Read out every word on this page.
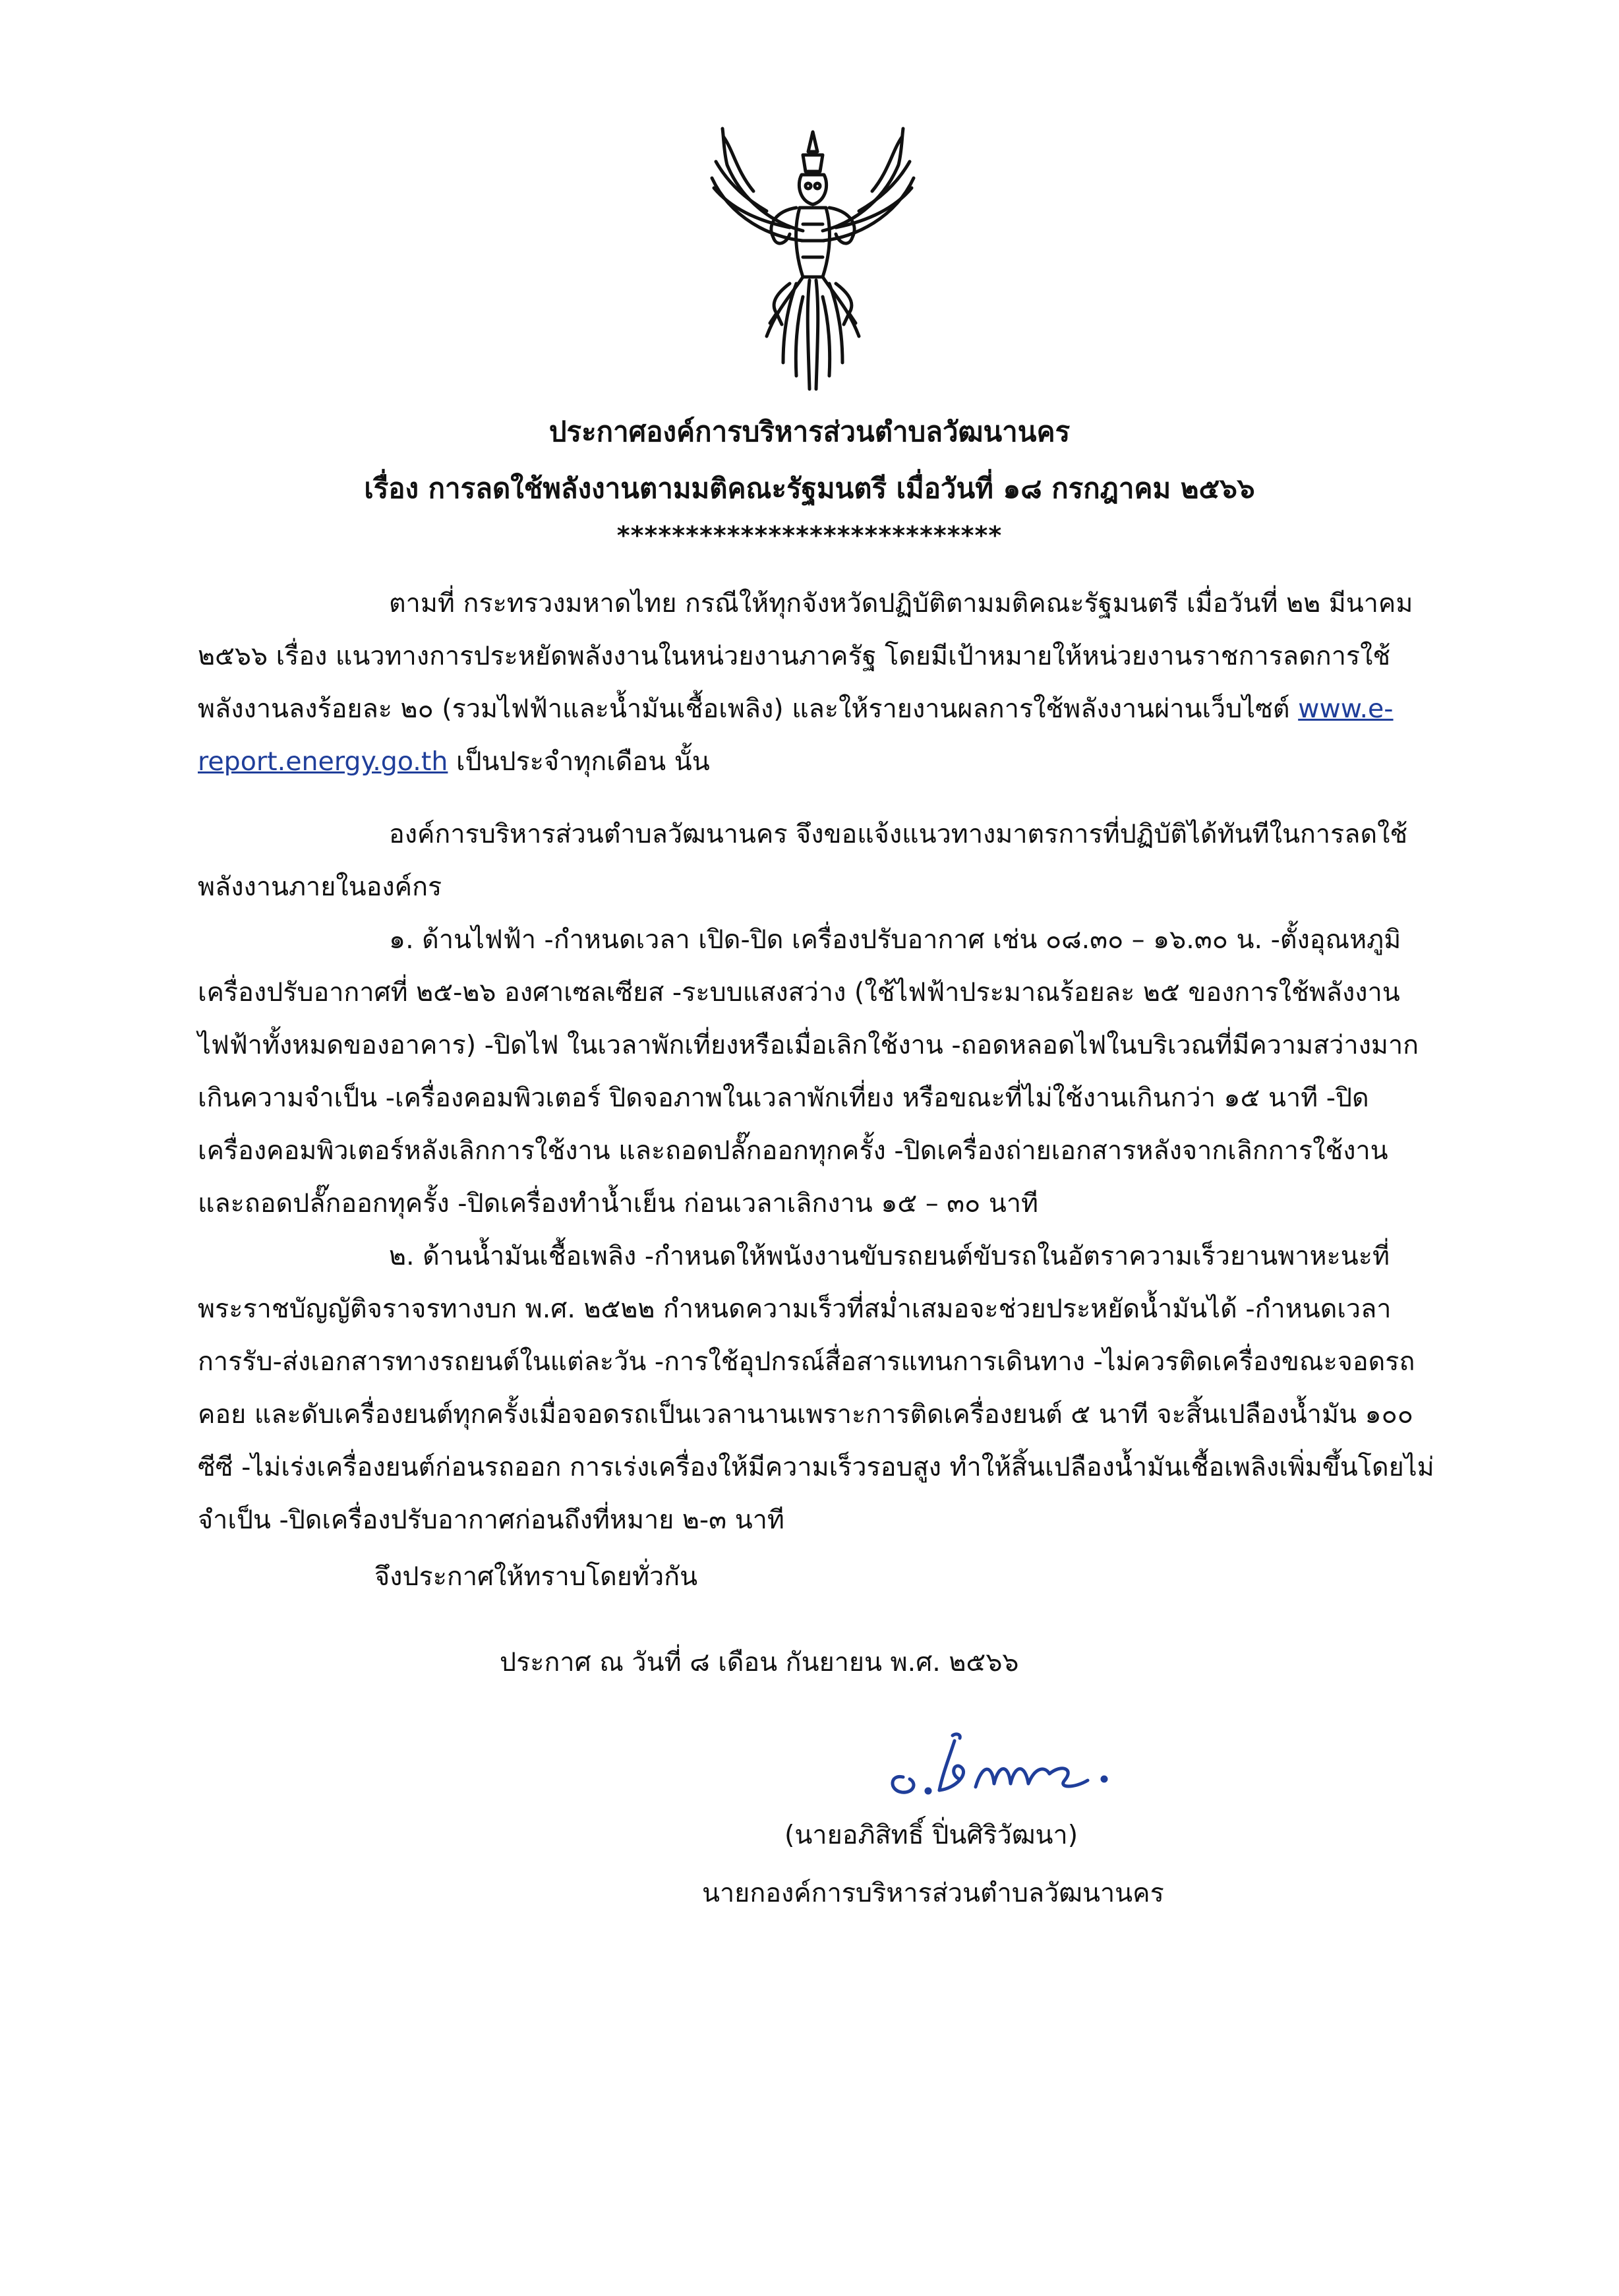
ประกาศองค์การบริหารส่วนตำบลวัฒนานคร
เรื่อง การลดใช้พลังงานตามมติคณะรัฐมนตรี เมื่อวันที่ ๑๘ กรกฎาคม ๒๕๖๖
****************************
ตามที่ กระทรวงมหาดไทย กรณีให้ทุกจังหวัดปฏิบัติตามมติคณะรัฐมนตรี เมื่อวันที่ ๒๒ มีนาคม
๒๕๖๖ เรื่อง แนวทางการประหยัดพลังงานในหน่วยงานภาครัฐ โดยมีเป้าหมายให้หน่วยงานราชการลดการใช้
พลังงานลงร้อยละ ๒๐ (รวมไฟฟ้าและน้ำมันเชื้อเพลิง) และให้รายงานผลการใช้พลังงานผ่านเว็บไซต์ www.e-
report.energy.go.th เป็นประจำทุกเดือน นั้น
องค์การบริหารส่วนตำบลวัฒนานคร จึงขอแจ้งแนวทางมาตรการที่ปฏิบัติได้ทันทีในการลดใช้
พลังงานภายในองค์กร
๑. ด้านไฟฟ้า -กำหนดเวลา เปิด-ปิด เครื่องปรับอากาศ เช่น ๐๘.๓๐ – ๑๖.๓๐ น. -ตั้งอุณหภูมิ
เครื่องปรับอากาศที่ ๒๕-๒๖ องศาเซลเซียส -ระบบแสงสว่าง (ใช้ไฟฟ้าประมาณร้อยละ ๒๕ ของการใช้พลังงาน
ไฟฟ้าทั้งหมดของอาคาร) -ปิดไฟ ในเวลาพักเที่ยงหรือเมื่อเลิกใช้งาน -ถอดหลอดไฟในบริเวณที่มีความสว่างมาก
เกินความจำเป็น -เครื่องคอมพิวเตอร์ ปิดจอภาพในเวลาพักเที่ยง หรือขณะที่ไม่ใช้งานเกินกว่า ๑๕ นาที -ปิด
เครื่องคอมพิวเตอร์หลังเลิกการใช้งาน และถอดปลั๊กออกทุกครั้ง -ปิดเครื่องถ่ายเอกสารหลังจากเลิกการใช้งาน
และถอดปลั๊กออกทุครั้ง -ปิดเครื่องทำน้ำเย็น ก่อนเวลาเลิกงาน ๑๕ – ๓๐ นาที
๒. ด้านน้ำมันเชื้อเพลิง -กำหนดให้พนังงานขับรถยนต์ขับรถในอัตราความเร็วยานพาหะนะที่
พระราชบัญญัติจราจรทางบก พ.ศ. ๒๕๒๒ กำหนดความเร็วที่สม่ำเสมอจะช่วยประหยัดน้ำมันได้ -กำหนดเวลา
การรับ-ส่งเอกสารทางรถยนต์ในแต่ละวัน -การใช้อุปกรณ์สื่อสารแทนการเดินทาง -ไม่ควรติดเครื่องขณะจอดรถ
คอย และดับเครื่องยนต์ทุกครั้งเมื่อจอดรถเป็นเวลานานเพราะการติดเครื่องยนต์ ๕ นาที จะสิ้นเปลืองน้ำมัน ๑๐๐
ซีซี -ไม่เร่งเครื่องยนต์ก่อนรถออก การเร่งเครื่องให้มีความเร็วรอบสูง ทำให้สิ้นเปลืองน้ำมันเชื้อเพลิงเพิ่มขึ้นโดยไม่
จำเป็น -ปิดเครื่องปรับอากาศก่อนถึงที่หมาย ๒-๓ นาที
จึงประกาศให้ทราบโดยทั่วกัน
ประกาศ ณ วันที่ ๘ เดือน กันยายน พ.ศ. ๒๕๖๖
(นายอภิสิทธิ์ ปิ่นศิริวัฒนา)
นายกองค์การบริหารส่วนตำบลวัฒนานคร
